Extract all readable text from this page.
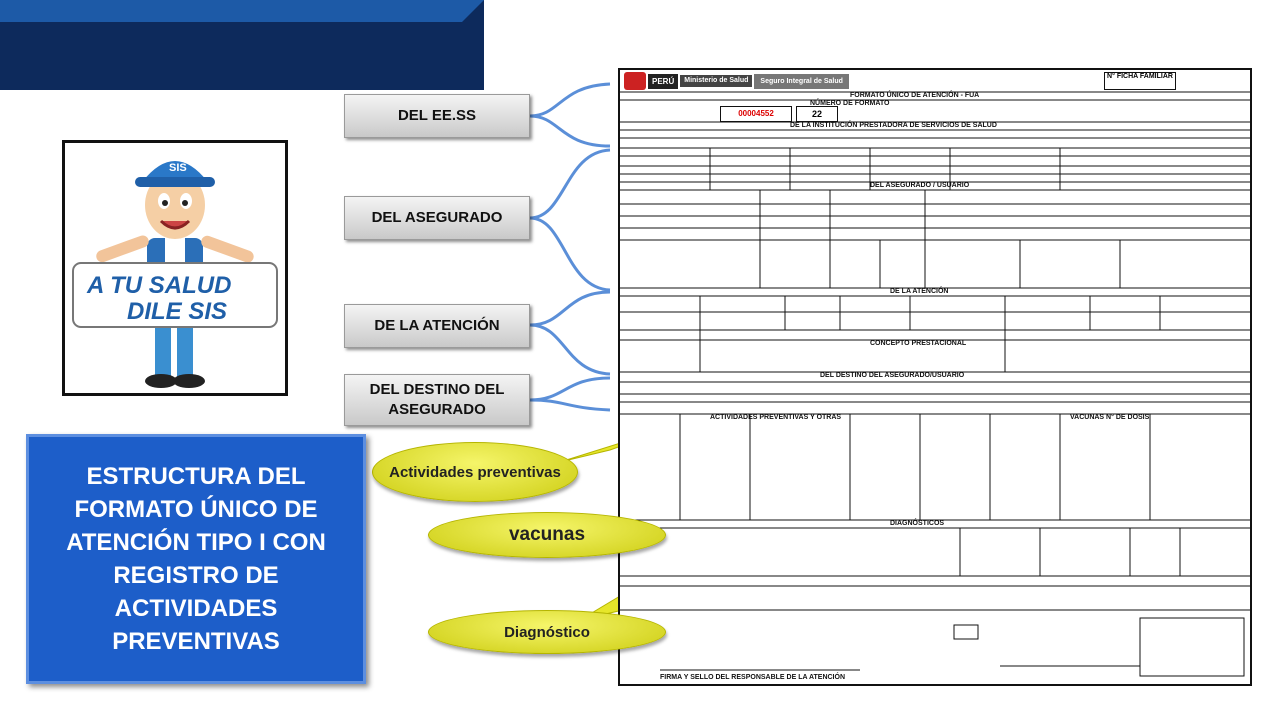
SIS
A TU SALUD
DILE SIS
DEL EE.SS
DEL ASEGURADO
DE LA ATENCIÓN
DEL DESTINO DEL ASEGURADO
PERÚ	Ministerio de Salud	Seguro Integral de Salud
N° FICHA FAMILIAR
00004552	22
FORMATO ÚNICO DE ATENCIÓN - FUA
NÚMERO DE FORMATO
DE LA INSTITUCIÓN PRESTADORA DE SERVICIOS DE SALUD
DEL ASEGURADO / USUARIO
DE LA ATENCIÓN
CONCEPTO PRESTACIONAL
DEL DESTINO DEL ASEGURADO/USUARIO
ACTIVIDADES PREVENTIVAS Y OTRAS	VACUNAS N° DE DOSIS
DIAGNÓSTICOS
FIRMA Y SELLO DEL RESPONSABLE DE LA ATENCIÓN
Actividades preventivas
vacunas
Diagnóstico
ESTRUCTURA DEL FORMATO ÚNICO DE ATENCIÓN TIPO I CON REGISTRO DE ACTIVIDADES PREVENTIVAS
